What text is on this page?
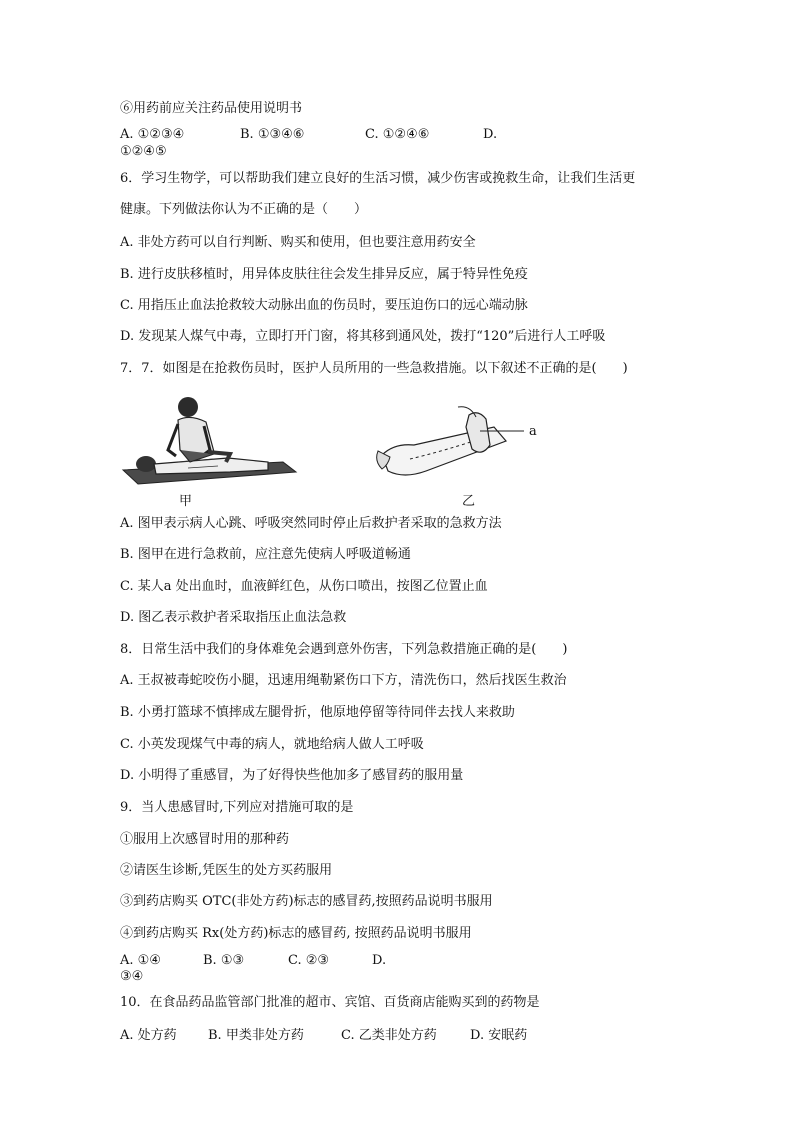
⑥用药前应关注药品使用说明书
A. ①②③④	B. ①③④⑥	C. ①②④⑥	D.
①②④⑤
6．学习生物学，可以帮助我们建立良好的生活习惯，减少伤害或挽救生命，让我们生活更
健康。下列做法你认为不正确的是（　　）
A. 非处方药可以自行判断、购买和使用，但也要注意用药安全
B. 进行皮肤移植时，用异体皮肤往往会发生排异反应，属于特异性免疫
C. 用指压止血法抢救较大动脉出血的伤员时，要压迫伤口的远心端动脉
D. 发现某人煤气中毒，立即打开门窗，将其移到通风处，拨打“120”后进行人工呼吸
7．7．如图是在抢救伤员时，医护人员所用的一些急救措施。以下叙述不正确的是(　　)
甲
a
乙
A. 图甲表示病人心跳、呼吸突然同时停止后救护者采取的急救方法
B. 图甲在进行急救前，应注意先使病人呼吸道畅通
C. 某人a 处出血时，血液鲜红色，从伤口喷出，按图乙位置止血
D. 图乙表示救护者采取指压止血法急救
8．日常生活中我们的身体难免会遇到意外伤害，下列急救措施正确的是(　　)
A. 王叔被毒蛇咬伤小腿，迅速用绳勒紧伤口下方，清洗伤口，然后找医生救治
B. 小勇打篮球不慎摔成左腿骨折，他原地停留等待同伴去找人来救助
C. 小英发现煤气中毒的病人，就地给病人做人工呼吸
D. 小明得了重感冒，为了好得快些他加多了感冒药的服用量
9．当人患感冒时,下列应对措施可取的是
①服用上次感冒时用的那种药
②请医生诊断,凭医生的处方买药服用
③到药店购买 OTC(非处方药)标志的感冒药,按照药品说明书服用
④到药店购买 Rx(处方药)标志的感冒药, 按照药品说明书服用
A. ①④	B. ①③	C. ②③	D.
③④
10．在食品药品监管部门批准的超市、宾馆、百货商店能购买到的药物是
A. 处方药 B. 甲类非处方药	C. 乙类非处方药	D. 安眠药
